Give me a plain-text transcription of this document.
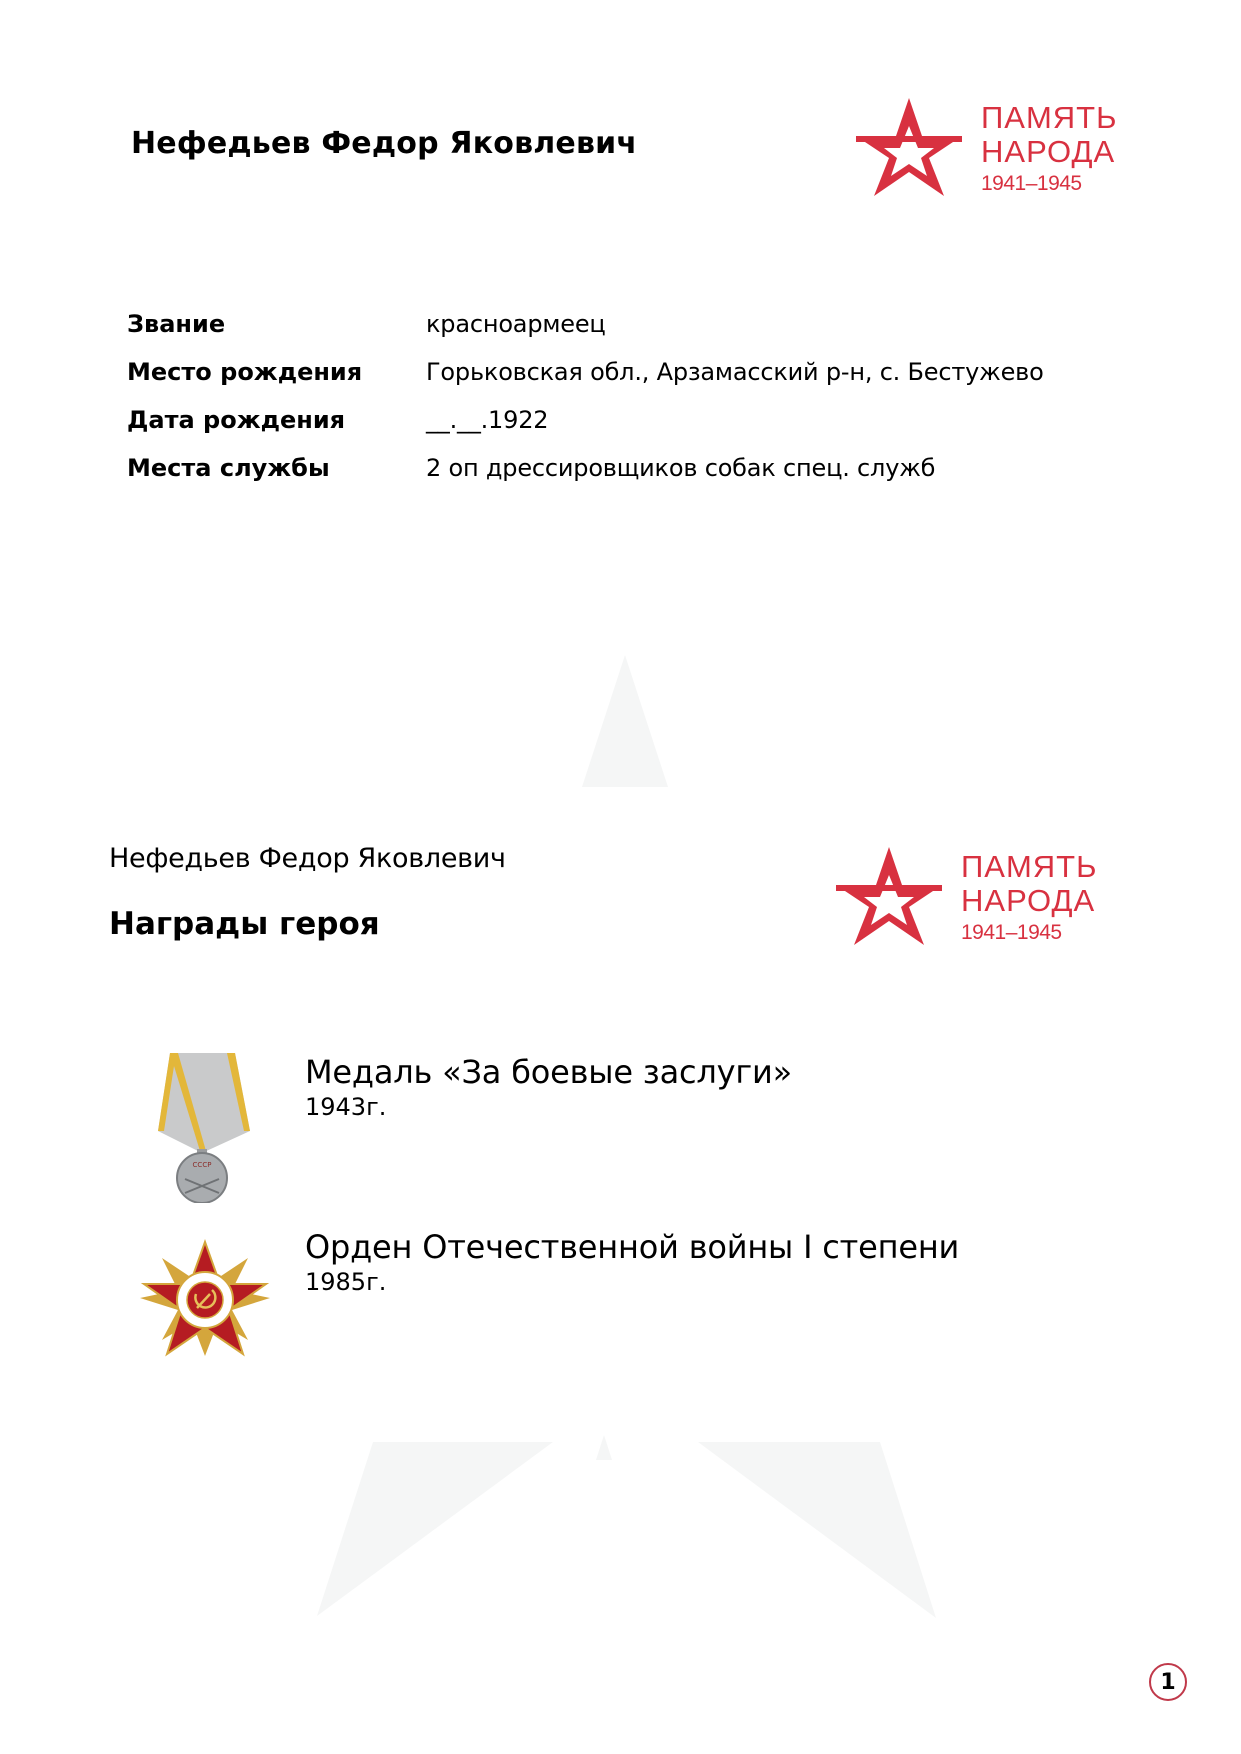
Нефедьев Федор Яковлевич
ПАМЯТЬ
НАРОДА
1941–1945
Звание	красноармеец
Место рождения	Горьковская обл., Арзамасский р-н, с. Бестужево
Дата рождения	__.__.1922
Места службы	2 оп дрессировщиков собак спец. служб
Нефедьев Федор Яковлевич
Награды героя
ПАМЯТЬ
НАРОДА
1941–1945
СССР
Медаль «За боевые заслуги»
1943г.
Орден Отечественной войны I степени
1985г.
1
